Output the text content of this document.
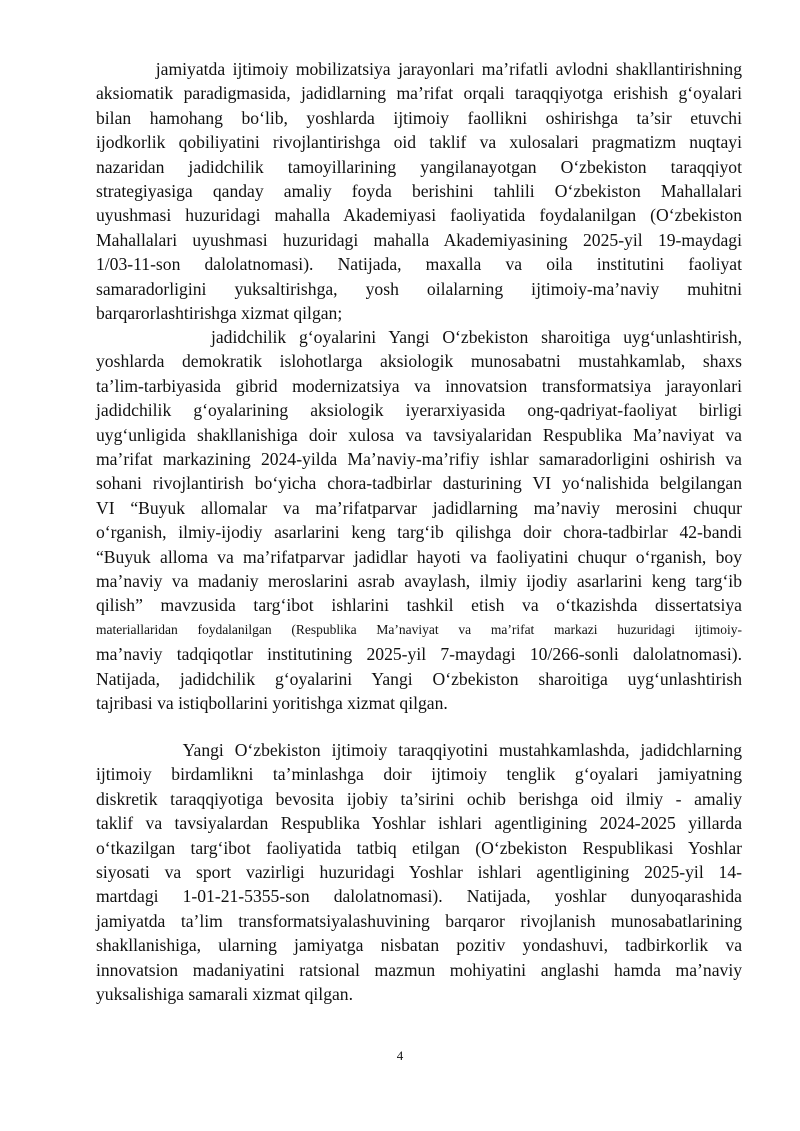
jamiyatda ijtimoiy mobilizatsiya jarayonlari ma’rifatli avlodni shakllantirishning
aksiomatik paradigmasida, jadidlarning ma’rifat orqali taraqqiyotga erishish g‘oyalari
bilan hamohang bo‘lib, yoshlarda ijtimoiy faollikni oshirishga ta’sir etuvchi
ijodkorlik qobiliyatini rivojlantirishga oid taklif va xulosalari pragmatizm nuqtayi
nazaridan jadidchilik tamoyillarining yangilanayotgan O‘zbekiston taraqqiyot
strategiyasiga qanday amaliy foyda berishini tahlili O‘zbekiston Mahallalari
uyushmasi huzuridagi mahalla Akademiyasi faoliyatida foydalanilgan (O‘zbekiston
Mahallalari uyushmasi huzuridagi mahalla Akademiyasining 2025-yil 19-maydagi
1/03-11-son dalolatnomasi). Natijada, maxalla va oila institutini faoliyat
samaradorligini yuksaltirishga, yosh oilalarning ijtimoiy-ma’naviy muhitni
barqarorlashtirishga xizmat qilgan;
jadidchilik g‘oyalarini Yangi O‘zbekiston sharoitiga uyg‘unlashtirish,
yoshlarda demokratik islohotlarga aksiologik munosabatni mustahkamlab, shaxs
ta’lim-tarbiyasida gibrid modernizatsiya va innovatsion transformatsiya jarayonlari
jadidchilik g‘oyalarining aksiologik iyerarxiyasida ong-qadriyat-faoliyat birligi
uyg‘unligida shakllanishiga doir xulosa va tavsiyalaridan Respublika Ma’naviyat va
ma’rifat markazining 2024-yilda Ma’naviy-ma’rifiy ishlar samaradorligini oshirish va
sohani rivojlantirish bo‘yicha chora-tadbirlar dasturining VI yo‘nalishida belgilangan
VI “Buyuk allomalar va ma’rifatparvar jadidlarning ma’naviy merosini chuqur
o‘rganish, ilmiy-ijodiy asarlarini keng targ‘ib qilishga doir chora-tadbirlar 42-bandi
“Buyuk alloma va ma’rifatparvar jadidlar hayoti va faoliyatini chuqur o‘rganish, boy
ma’naviy va madaniy meroslarini asrab avaylash, ilmiy ijodiy asarlarini keng targ‘ib
qilish” mavzusida targ‘ibot ishlarini tashkil etish va o‘tkazishda dissertatsiya
materiallaridan foydalanilgan (Respublika Ma’naviyat va ma’rifat markazi huzuridagi ijtimoiy-
ma’naviy tadqiqotlar institutining 2025-yil 7-maydagi 10/266-sonli dalolatnomasi).
Natijada, jadidchilik g‘oyalarini Yangi O‘zbekiston sharoitiga uyg‘unlashtirish
tajribasi va istiqbollarini yoritishga xizmat qilgan.
Yangi O‘zbekiston ijtimoiy taraqqiyotini mustahkamlashda, jadidchlarning
ijtimoiy birdamlikni ta’minlashga doir ijtimoiy tenglik g‘oyalari jamiyatning
diskretik taraqqiyotiga bevosita ijobiy ta’sirini ochib berishga oid ilmiy - amaliy
taklif va tavsiyalardan Respublika Yoshlar ishlari agentligining 2024-2025 yillarda
o‘tkazilgan targ‘ibot faoliyatida tatbiq etilgan (O‘zbekiston Respublikasi Yoshlar
siyosati va sport vazirligi huzuridagi Yoshlar ishlari agentligining 2025-yil 14-
martdagi 1-01-21-5355-son dalolatnomasi). Natijada, yoshlar dunyoqarashida
jamiyatda ta’lim transformatsiyalashuvining barqaror rivojlanish munosabatlarining
shakllanishiga, ularning jamiyatga nisbatan pozitiv yondashuvi, tadbirkorlik va
innovatsion madaniyatini ratsional mazmun mohiyatini anglashi hamda ma’naviy
yuksalishiga samarali xizmat qilgan.
4
